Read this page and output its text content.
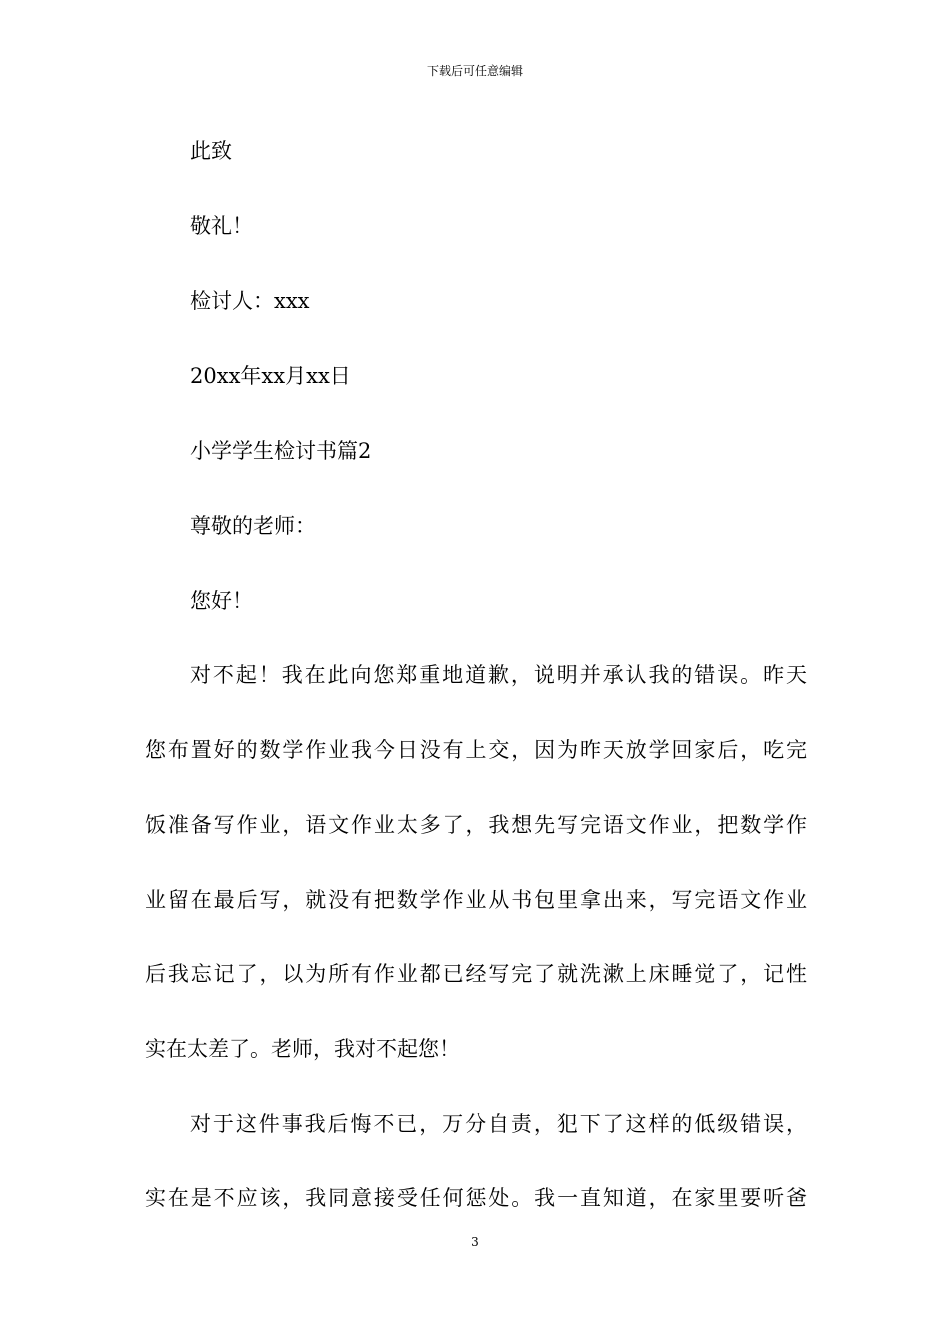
下载后可任意编辑
此致
敬礼！
检讨人：xxx
20xx年xx月xx日
小学学生检讨书篇2
尊敬的老师：
您好！
对不起！我在此向您郑重地道歉，说明并承认我的错误。昨天
您布置好的数学作业我今日没有上交，因为昨天放学回家后，吃完
饭准备写作业，语文作业太多了，我想先写完语文作业，把数学作
业留在最后写，就没有把数学作业从书包里拿出来，写完语文作业
后我忘记了，以为所有作业都已经写完了就洗漱上床睡觉了，记性
实在太差了。老师，我对不起您！
对于这件事我后悔不已，万分自责，犯下了这样的低级错误，
实在是不应该，我同意接受任何惩处。我一直知道，在家里要听爸
3
